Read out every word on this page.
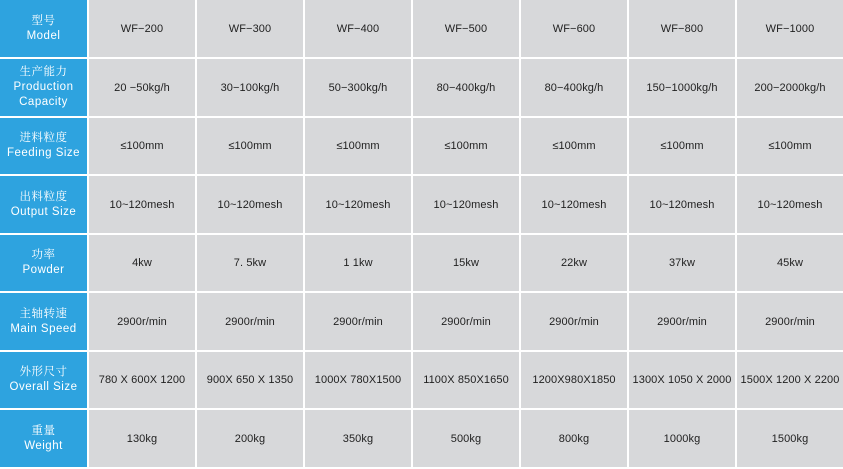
型号
Model	WF−200	WF−300	WF−400	WF−500	WF−600	WF−800	WF−1000

生产能力
Production Capacity	20 −50kg/h	30−100kg/h	50−300kg/h	80−400kg/h	80−400kg/h	150−1000kg/h	200−2000kg/h

进料粒度
Feeding Size	≤100mm	≤100mm	≤100mm	≤100mm	≤100mm	≤100mm	≤100mm

出料粒度
Output Size	10~120mesh	10~120mesh	10~120mesh	10~120mesh	10~120mesh	10~120mesh	10~120mesh

功率
Powder	4kw	7. 5kw	1 1kw	15kw	22kw	37kw	45kw

主轴转速
Main Speed	2900r/min	2900r/min	2900r/min	2900r/min	2900r/min	2900r/min	2900r/min

外形尺寸
Overall Size	780 X 600X 1200	900X 650 X 1350	1000X 780X1500	1100X 850X1650	1200X980X1850	1300X 1050 X 2000	1500X 1200 X 2200

重量
Weight	130kg	200kg	350kg	500kg	800kg	1000kg	1500kg
